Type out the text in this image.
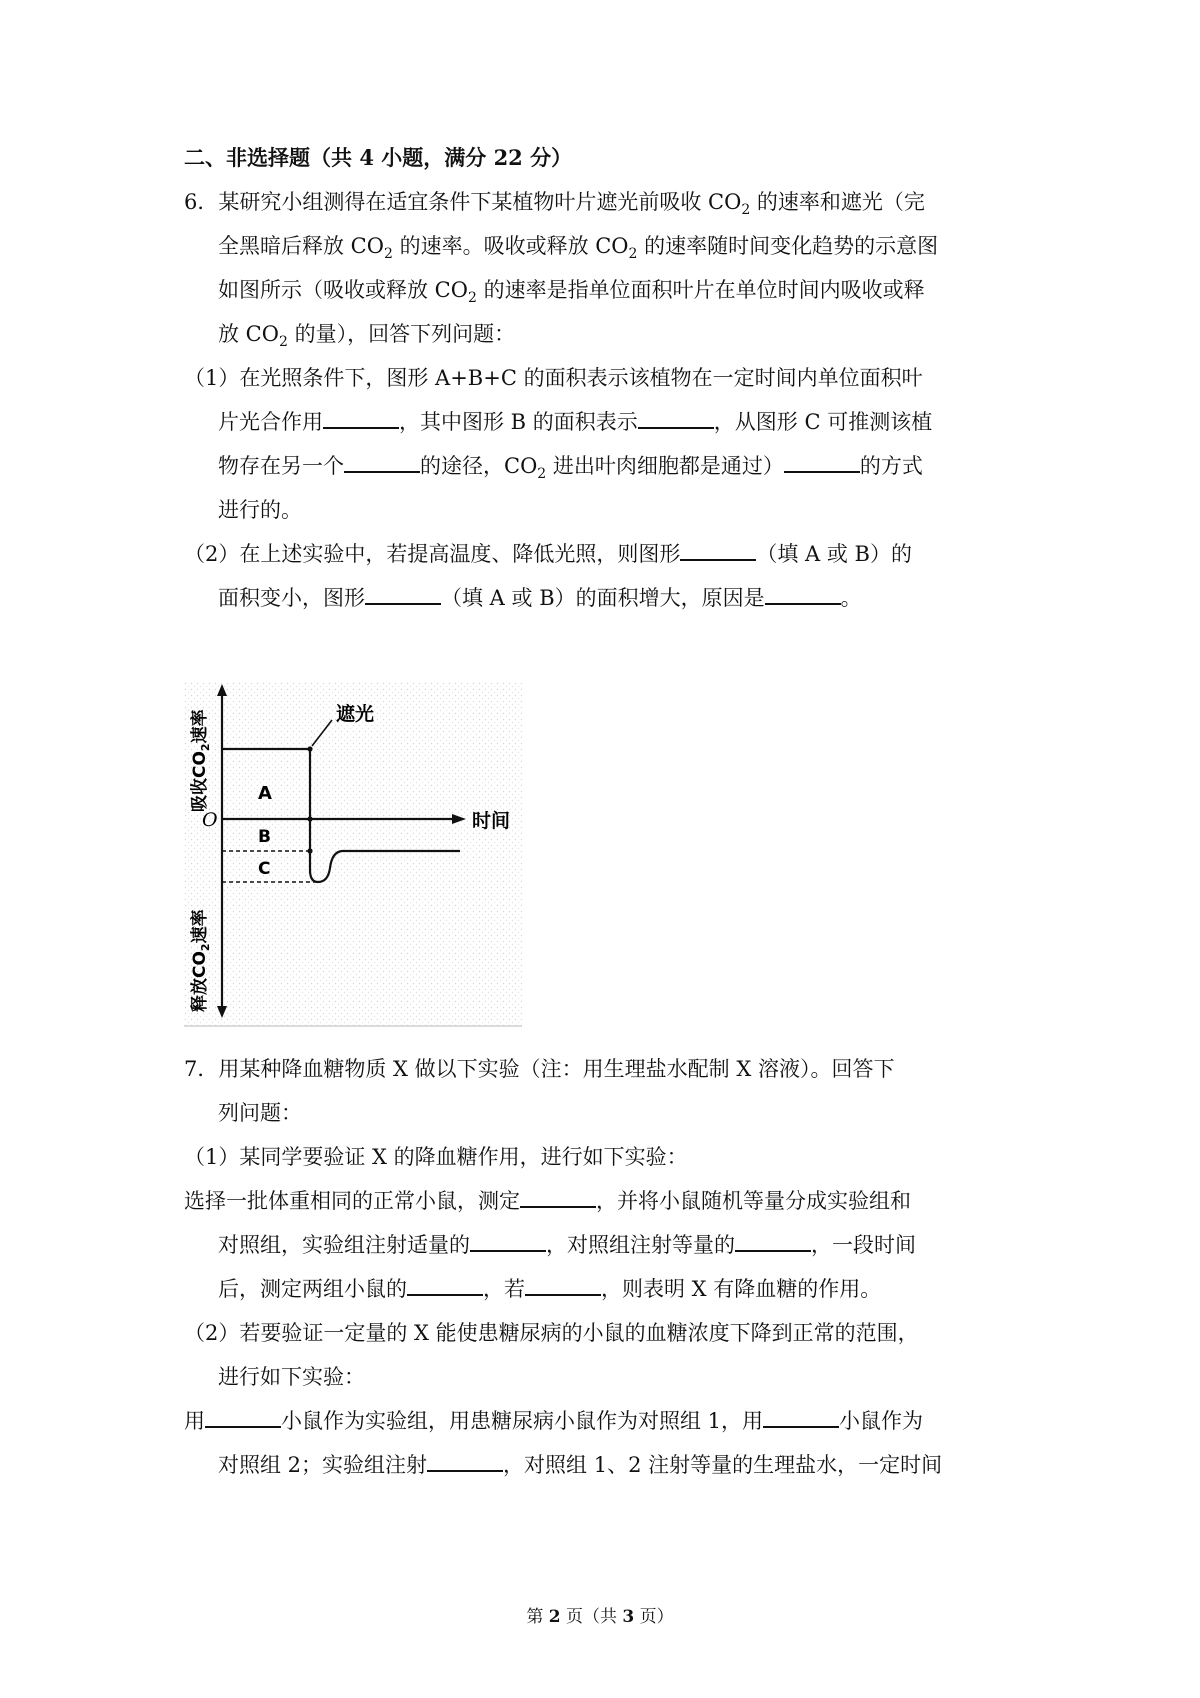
二、非选择题（共 4 小题，满分 22 分）
6．某研究小组测得在适宜条件下某植物叶片遮光前吸收 $CO_2$ 的速率和遮光（完
全黑暗后释放 $CO_2$ 的速率。吸收或释放 $CO_2$ 的速率随时间变化趋势的示意图
如图所示（吸收或释放 $CO_2$ 的速率是指单位面积叶片在单位时间内吸收或释
放 $CO_2$ 的量），回答下列问题：
（1）在光照条件下，图形 A+B+C 的面积表示该植物在一定时间内单位面积叶
片光合作用	，其中图形 B 的面积表示	，从图形 C 可推测该植
物存在另一个	的途径，$CO_2$ 进出叶肉细胞都是通过）	的方式
进行的。
（2）在上述实验中，若提高温度、降低光照，则图形	（填 A 或 B）的
面积变小，图形	（填 A 或 B）的面积增大，原因是	。
遮光
时间
O
A
B
C
吸收$CO_2$速率
释放$CO_2$速率
7．用某种降血糖物质 X 做以下实验（注：用生理盐水配制 X 溶液）。回答下
列问题：
（1）某同学要验证 X 的降血糖作用，进行如下实验：
选择一批体重相同的正常小鼠，测定	，并将小鼠随机等量分成实验组和
对照组，实验组注射适量的	，对照组注射等量的	，一段时间
后，测定两组小鼠的	，若	，则表明 X 有降血糖的作用。
（2）若要验证一定量的 X 能使患糖尿病的小鼠的血糖浓度下降到正常的范围，
进行如下实验：
用	小鼠作为实验组，用患糖尿病小鼠作为对照组 1，用	小鼠作为
对照组 2；实验组注射	，对照组 1、2 注射等量的生理盐水，一定时间
第 2 页（共 3 页）
